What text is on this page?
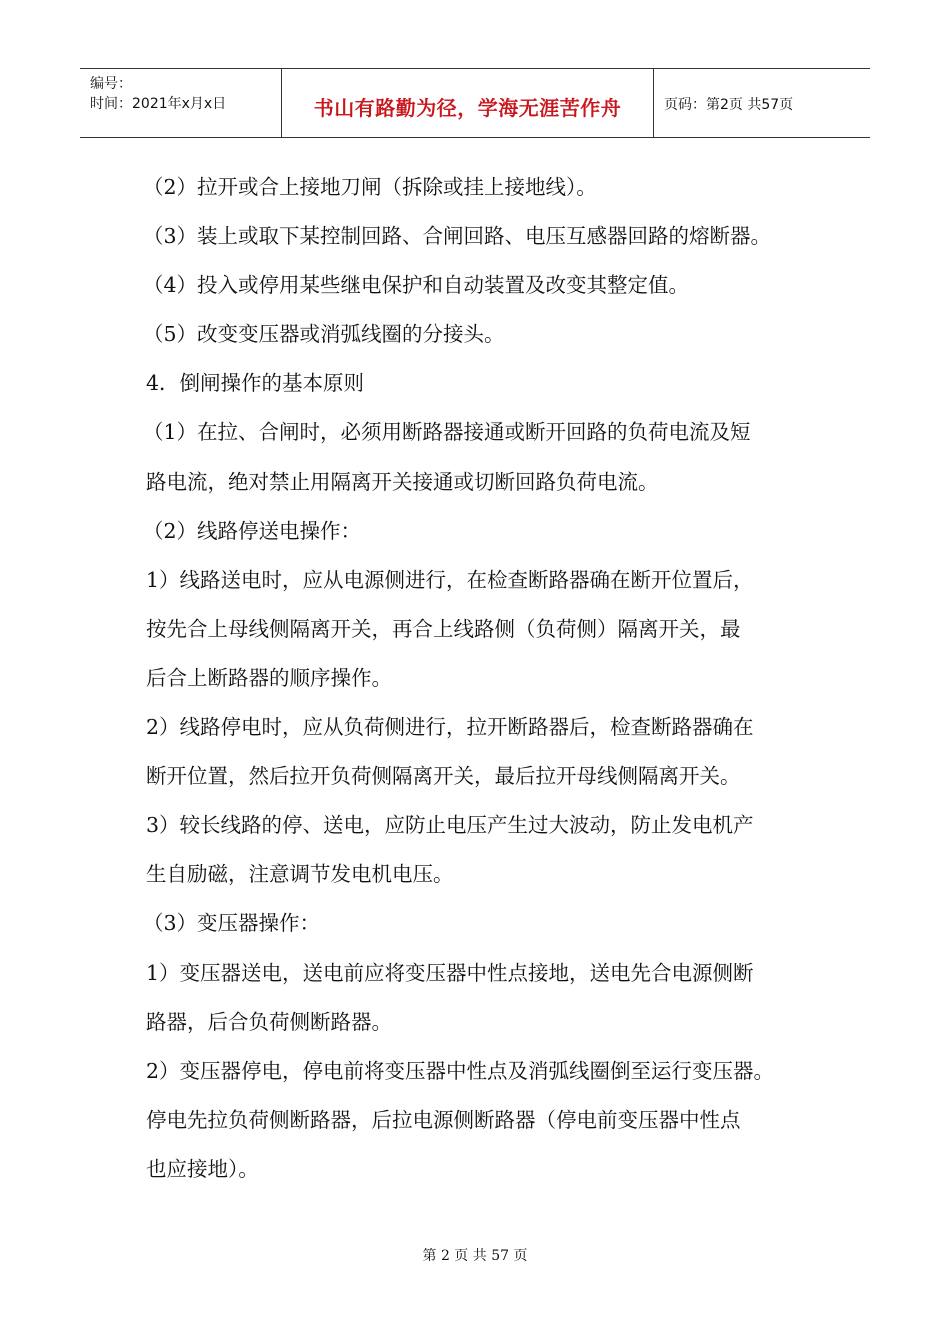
编号：
时间：2021年x月x日	书山有路勤为径，学海无涯苦作舟	页码：第2页 共57页

（2）拉开或合上接地刀闸（拆除或挂上接地线）。

（3）装上或取下某控制回路、合闸回路、电压互感器回路的熔断器。

（4）投入或停用某些继电保护和自动装置及改变其整定值。

（5）改变变压器或消弧线圈的分接头。

4．倒闸操作的基本原则

（1）在拉、合闸时，必须用断路器接通或断开回路的负荷电流及短

路电流，绝对禁止用隔离开关接通或切断回路负荷电流。

（2）线路停送电操作：

1）线路送电时，应从电源侧进行，在检查断路器确在断开位置后，

按先合上母线侧隔离开关，再合上线路侧（负荷侧）隔离开关，最

后合上断路器的顺序操作。

2）线路停电时，应从负荷侧进行，拉开断路器后，检查断路器确在

断开位置，然后拉开负荷侧隔离开关，最后拉开母线侧隔离开关。

3）较长线路的停、送电，应防止电压产生过大波动，防止发电机产

生自励磁，注意调节发电机电压。

（3）变压器操作：

1）变压器送电，送电前应将变压器中性点接地，送电先合电源侧断

路器，后合负荷侧断路器。

2）变压器停电，停电前将变压器中性点及消弧线圈倒至运行变压器。

停电先拉负荷侧断路器，后拉电源侧断路器（停电前变压器中性点

也应接地）。

第 2 页 共 57 页
